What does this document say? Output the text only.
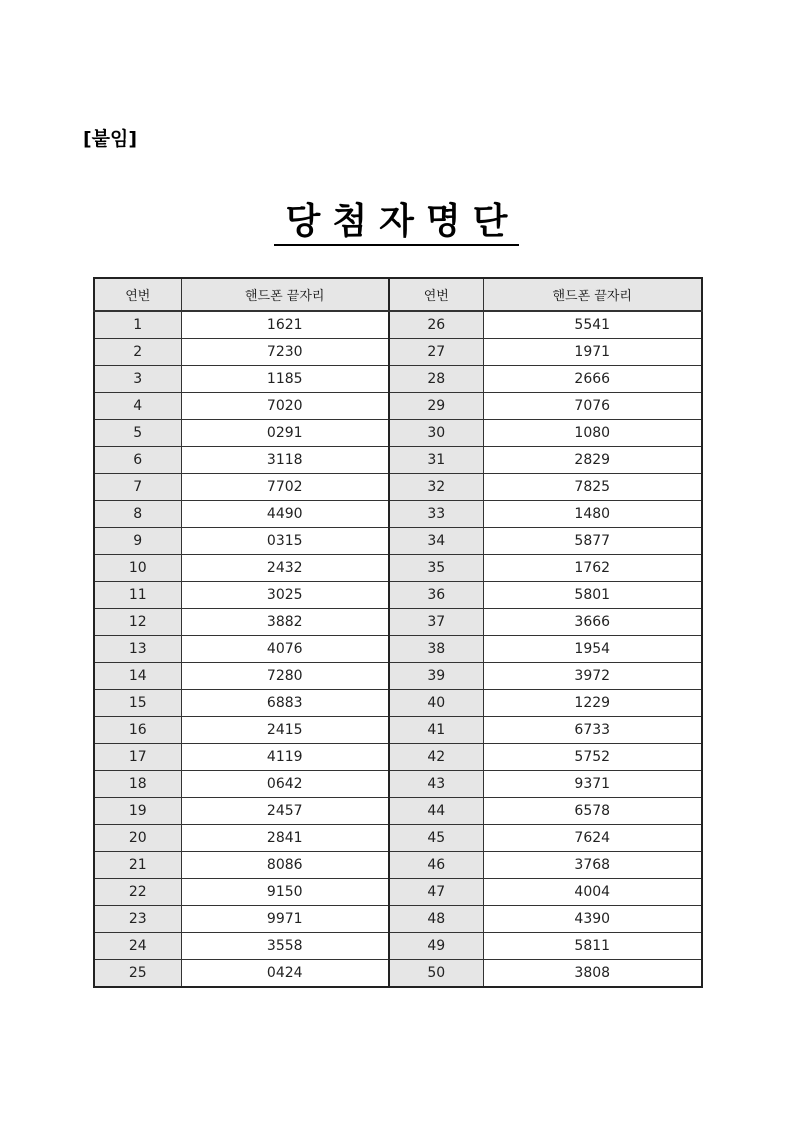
[붙임]
당첨자명단
연번	핸드폰 끝자리	연번	핸드폰 끝자리
1	1621	26	5541
2	7230	27	1971
3	1185	28	2666
4	7020	29	7076
5	0291	30	1080
6	3118	31	2829
7	7702	32	7825
8	4490	33	1480
9	0315	34	5877
10	2432	35	1762
11	3025	36	5801
12	3882	37	3666
13	4076	38	1954
14	7280	39	3972
15	6883	40	1229
16	2415	41	6733
17	4119	42	5752
18	0642	43	9371
19	2457	44	6578
20	2841	45	7624
21	8086	46	3768
22	9150	47	4004
23	9971	48	4390
24	3558	49	5811
25	0424	50	3808
